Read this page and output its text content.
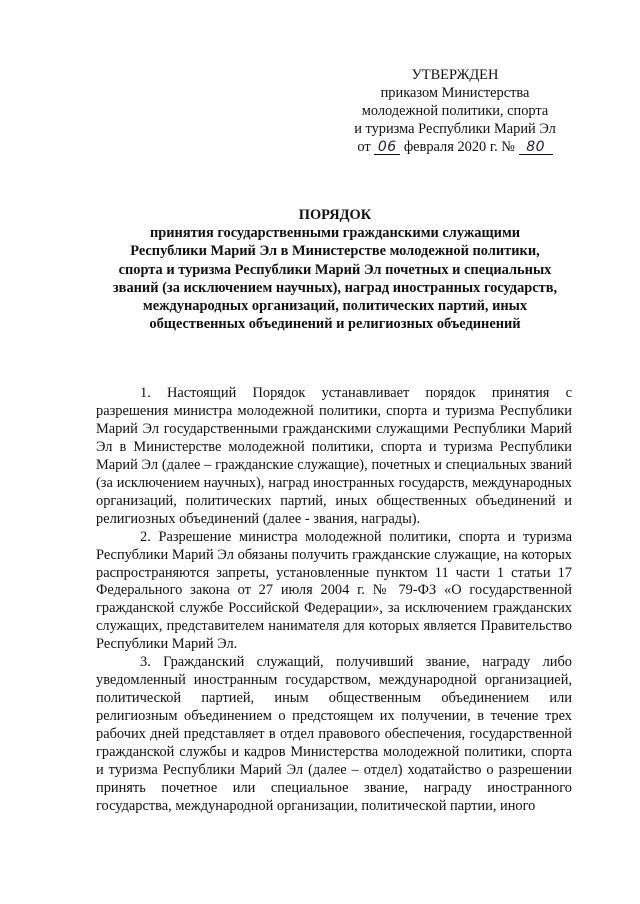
УТВЕРЖДЕН
приказом Министерства
молодежной политики, спорта
и туризма Республики Марий Эл
от 06 февраля 2020 г. № 80
ПОРЯДОК
принятия государственными гражданскими служащими
Республики Марий Эл в Министерстве молодежной политики,
спорта и туризма Республики Марий Эл почетных и специальных
званий (за исключением научных), наград иностранных государств,
международных организаций, политических партий, иных
общественных объединений и религиозных объединений

1. Настоящий Порядок устанавливает порядок принятия с разрешения министра молодежной политики, спорта и туризма Республики Марий Эл государственными гражданскими служащими Республики Марий Эл в Министерстве молодежной политики, спорта и туризма Республики Марий Эл (далее – гражданские служащие), почетных и специальных званий (за исключением научных), наград иностранных государств, международных организаций, политических партий, иных общественных объединений и религиозных объединений (далее - звания, награды).

2. Разрешение министра молодежной политики, спорта и туризма Республики Марий Эл обязаны получить гражданские служащие, на которых распространяются запреты, установленные пунктом 11 части 1 статьи 17 Федерального закона от 27 июля 2004 г. № 79-ФЗ «О государственной гражданской службе Российской Федерации», за исключением гражданских служащих, представителем нанимателя для которых является Правительство Республики Марий Эл.

3. Гражданский служащий, получивший звание, награду либо уведомленный иностранным государством, международной организацией, политической партией, иным общественным объединением или религиозным объединением о предстоящем их получении, в течение трех рабочих дней представляет в отдел правового обеспечения, государственной гражданской службы и кадров Министерства молодежной политики, спорта и туризма Республики Марий Эл (далее – отдел) ходатайство о разрешении принять почетное или специальное звание, награду иностранного государства, международной организации, политической партии, иного
